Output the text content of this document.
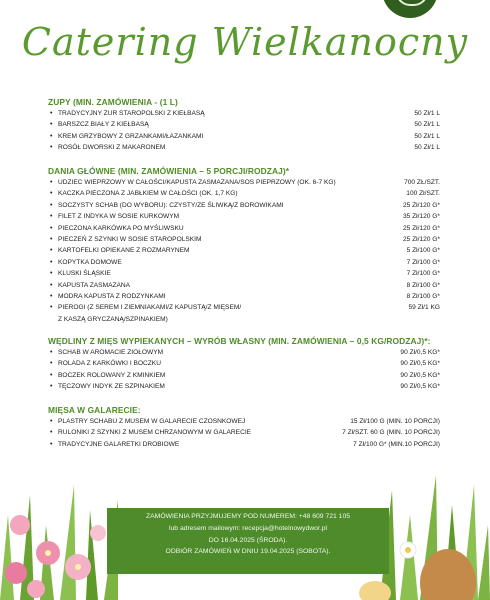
Catering Wielkanocny
ZUPY (MIN. ZAMÓWIENIA - (1 L)
• TRADYCYJNY ZUR STAROPOLSKI Z KIEŁBASĄ	50 Zł/1 L
• BARSZCZ BIAŁY Z KIEŁBASĄ	50 Zł/1 L
• KREM GRZYBOWY Z GRZANKAMI/ŁAZANKAMI	50 Zł/1 L
• ROSÓŁ DWORSKI Z MAKARONEM	50 Zł/1 L
DANIA GŁÓWNE (MIN. ZAMÓWIENIA – 5 PORCJI/RODZAJ)*
• UDZIEC WIEPRZOWY W CAŁOŚCI/KAPUSTA ZASMAZANA/SOS PIEPRZOWY (OK. 6-7 KG)	700 ZŁ/SZT.
• KACZKA PIECZONA Z JABŁKIEM W CAŁOŚCI (OK. 1,7 KG)	100 Zł/SZT.
• SOCZYSTY SCHAB (DO WYBORU): CZYSTY/ZE ŚLIWKĄ/Z BOROWIKAMI	25 Zł/120 G*
• FILET Z INDYKA W SOSIE KURKOWYM	35 Zł/120 G*
• PIECZONA KARKÓWKA PO MYŚLIWSKU	25 Zł/120 G*
• PIECZEŃ Z SZYNKI W SOSIE STAROPOLSKIM	25 Zł/120 G*
• KARTOFELKI OPIEKANE Z ROZMARYNEM	5 Zł/100 G*
• KOPYTKA DOMOWE	7 Zł/100 G*
• KLUSKI ŚLĄSKIE	7 Zł/100 G*
• KAPUSTA ZASMAZANA	8 Zł/100 G*
• MODRA KAPUSTA Z RODZYNKAMI	8 Zł/100 G*
• PIEROGI (Z SEREM I ZIEMNIAKAMI/Z KAPUSTĄ/Z MIĘSEM/
Z KASZĄ GRYCZANĄ/SZPINAKIEM)
59 Zł/1 KG
WĘDLINY Z MIĘS WYPIEKANYCH – WYRÓB WŁASNY (MIN. ZAMÓWIENIA – 0,5 KG/RODZAJ)*:
• SCHAB W AROMACIE ZIOŁOWYM	90 Zł/0,5 KG*
• ROLADA Z KARKÓWKI I BOCZKU	90 Zł/0,5 KG*
• BOCZEK ROLOWANY Z KMINKIEM	90 Zł/0,5 KG*
• TĘCZOWY INDYK ZE SZPINAKIEM	90 Zł/0,5 KG*
MIĘSA W GALARECIE:
• PLASTRY SCHABU Z MUSEM W GALARECIE CZOSNKOWEJ	15 Zł/100 G (MIN. 10 PORCJI)
• RULONIKI Z SZYNKI Z MUSEM CHRZANOWYM W GALARECIE	7 Zł/SZT. 60 G (MIN. 10 PORCJI)
• TRADYCYJNE GALARETKI DROBIOWE	7 Zł/100 G* (MIN.10 PORCJI)
ZAMÓWIENIA PRZYJMUJEMY POD NUMEREM: +48 609 721 105
lub adresem mailowym: recepcja@hotelnowydwor.pl
DO 16.04.2025 (ŚRODA).
ODBIÓR ZAMÓWIEŃ W DNIU 19.04.2025 (SOBOTA).
